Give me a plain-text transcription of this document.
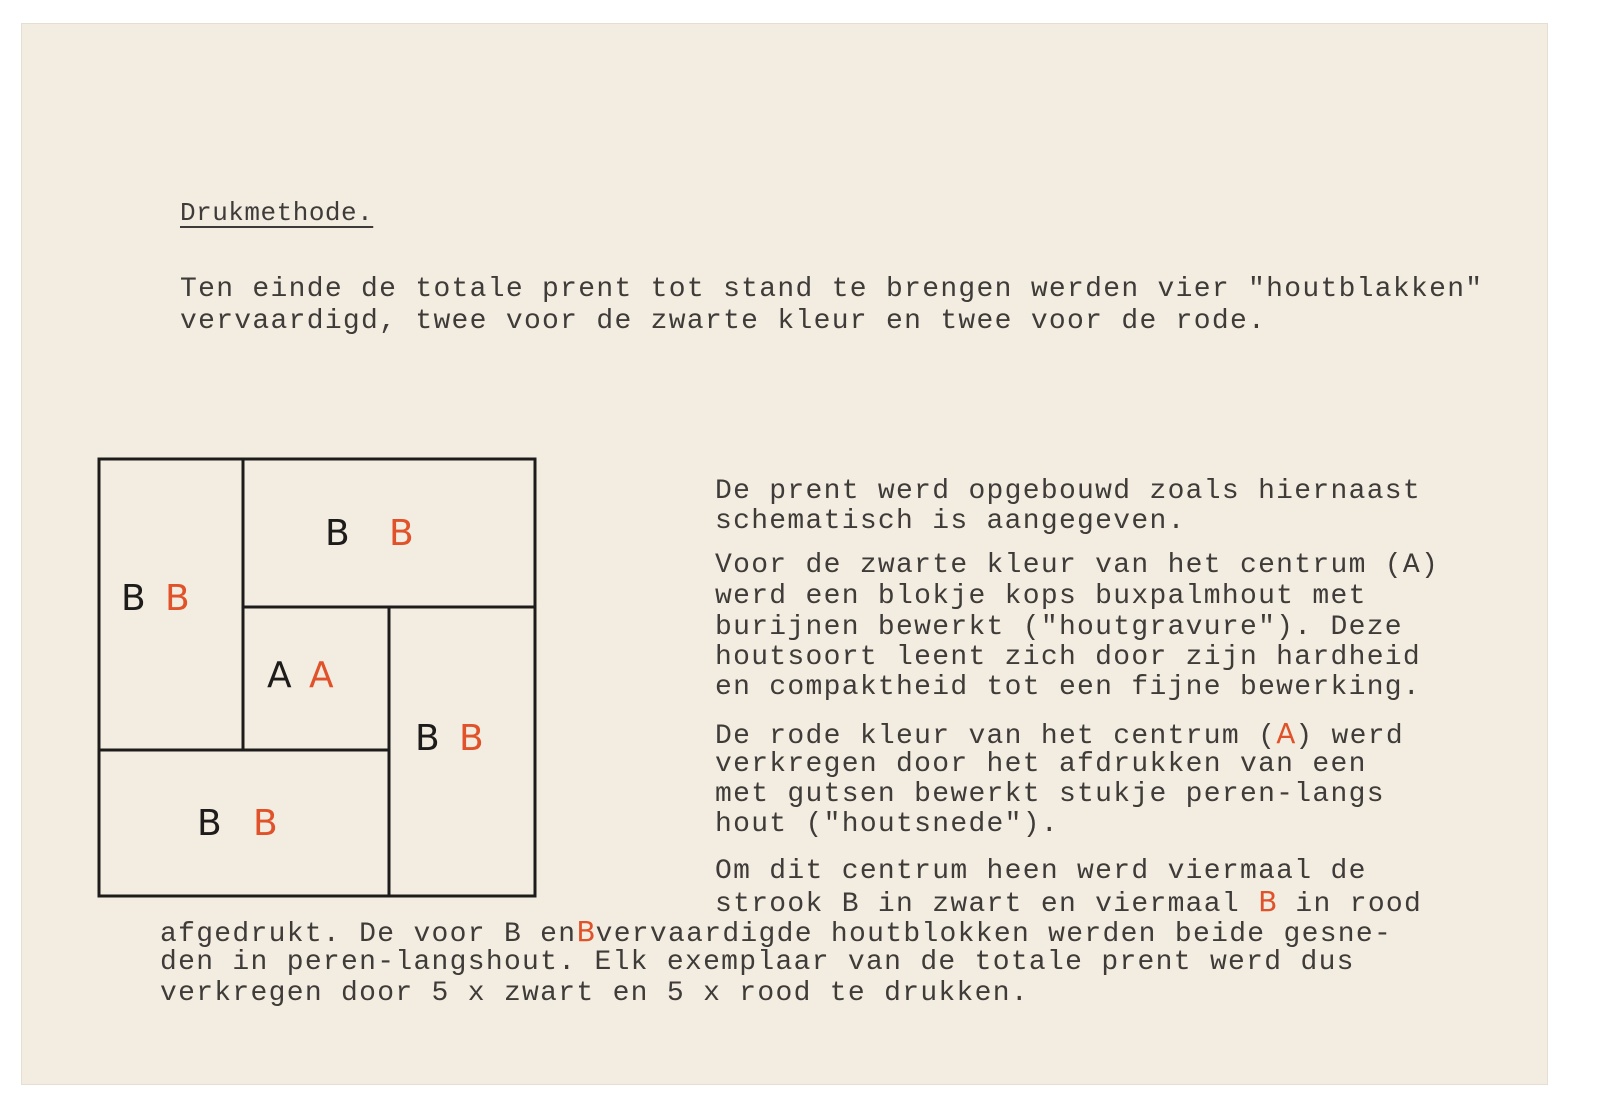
Drukmethode.
Ten einde de totale prent tot stand te brengen werden vier "houtblakken"
vervaardigd, twee voor de zwarte kleur en twee voor de rode.
B B
B B
A A
B B
B B
De prent werd opgebouwd zoals hiernaast
schematisch is aangegeven.
Voor de zwarte kleur van het centrum (A)
werd een blokje kops buxpalmhout met
burijnen bewerkt ("houtgravure"). Deze
houtsoort leent zich door zijn hardheid
en compaktheid tot een fijne bewerking.
De rode kleur van het centrum (A) werd
verkregen door het afdrukken van een
met gutsen bewerkt stukje peren-langs
hout ("houtsnede").
Om dit centrum heen werd viermaal de
strook B in zwart en viermaal B in rood
afgedrukt. De voor B enBvervaardigde houtblokken werden beide gesne-
den in peren-langshout. Elk exemplaar van de totale prent werd dus
verkregen door 5 x zwart en 5 x rood te drukken.
